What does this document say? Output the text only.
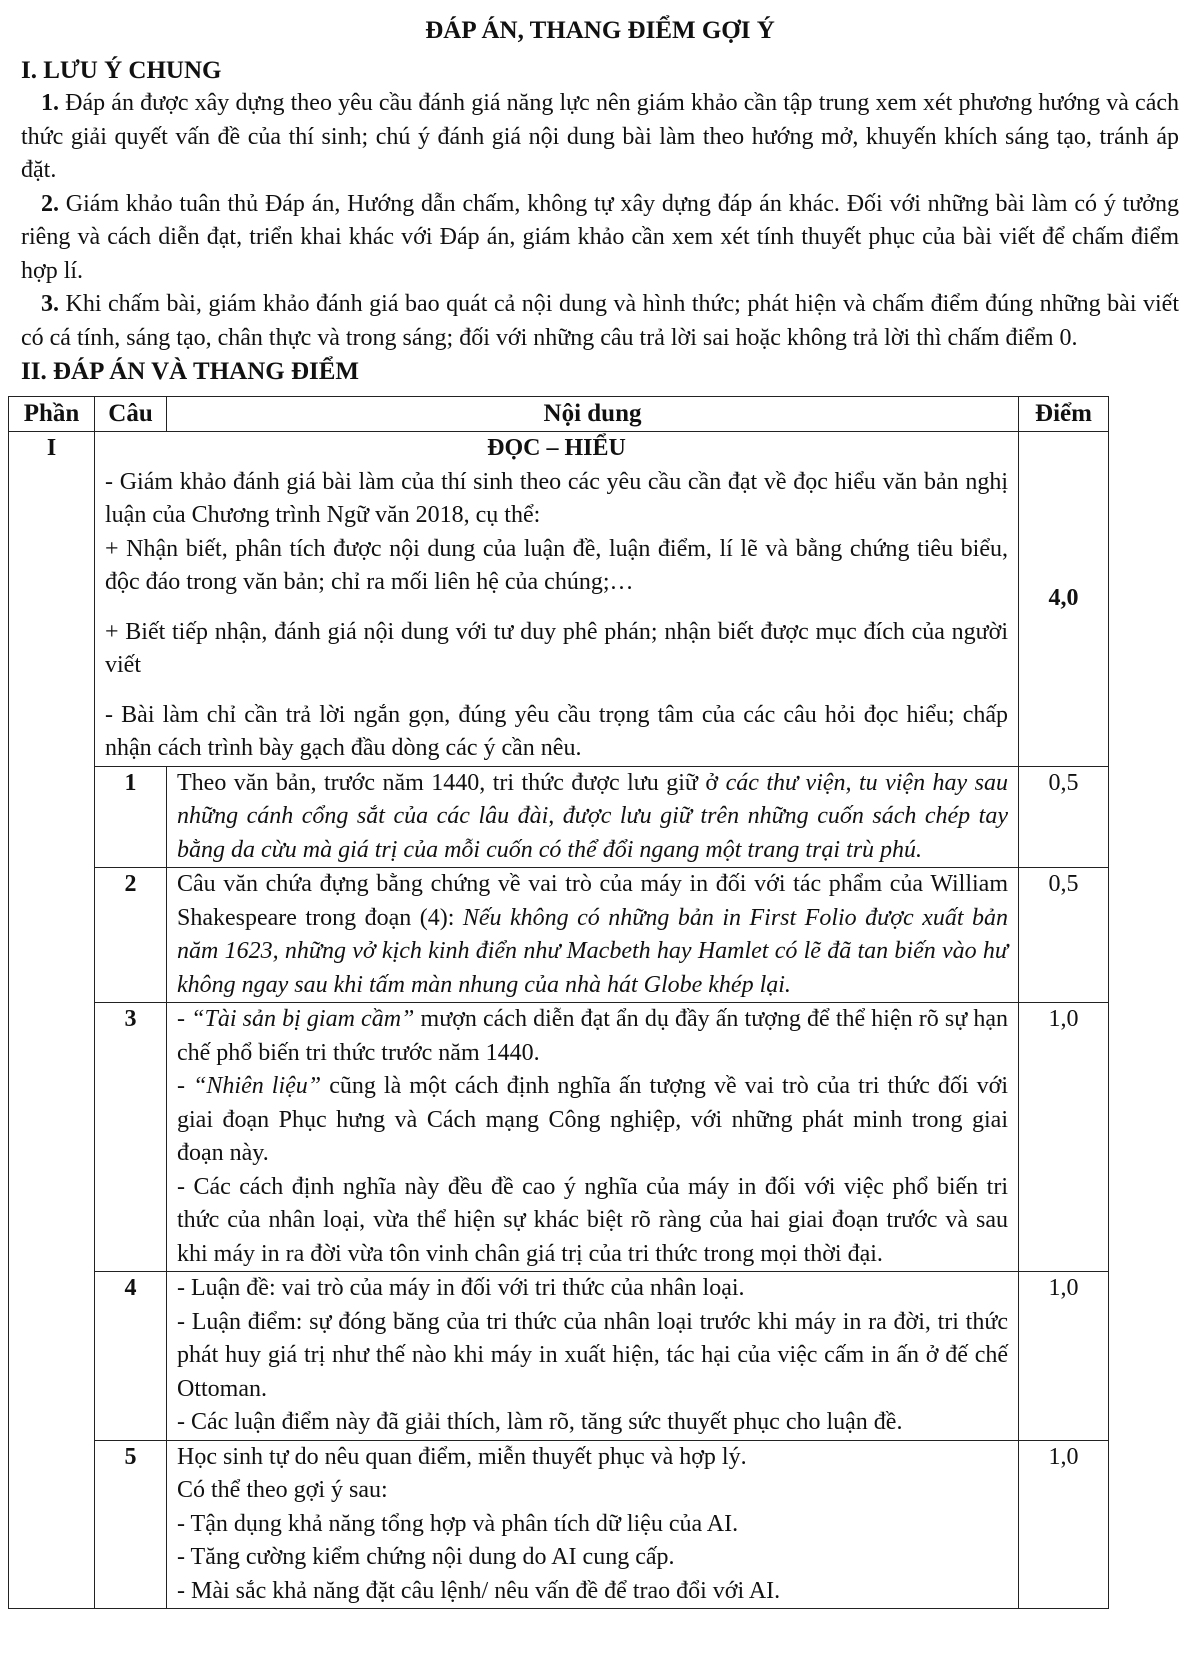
ĐÁP ÁN, THANG ĐIỂM GỢI Ý

I. LƯU Ý CHUNG

1. Đáp án được xây dựng theo yêu cầu đánh giá năng lực nên giám khảo cần tập trung xem xét phương hướng và cách thức giải quyết vấn đề của thí sinh; chú ý đánh giá nội dung bài làm theo hướng mở, khuyến khích sáng tạo, tránh áp đặt.

2. Giám khảo tuân thủ Đáp án, Hướng dẫn chấm, không tự xây dựng đáp án khác. Đối với những bài làm có ý tưởng riêng và cách diễn đạt, triển khai khác với Đáp án, giám khảo cần xem xét tính thuyết phục của bài viết để chấm điểm hợp lí.

3. Khi chấm bài, giám khảo đánh giá bao quát cả nội dung và hình thức; phát hiện và chấm điểm đúng những bài viết có cá tính, sáng tạo, chân thực và trong sáng; đối với những câu trả lời sai hoặc không trả lời thì chấm điểm 0.

II. ĐÁP ÁN VÀ THANG ĐIỂM

Phần	Câu	Nội dung	Điểm
I	ĐỌC – HIỂU

- Giám khảo đánh giá bài làm của thí sinh theo các yêu cầu cần đạt về đọc hiểu văn bản nghị luận của Chương trình Ngữ văn 2018, cụ thể:

+ Nhận biết, phân tích được nội dung của luận đề, luận điểm, lí lẽ và bằng chứng tiêu biểu, độc đáo trong văn bản; chỉ ra mối liên hệ của chúng;…

+ Biết tiếp nhận, đánh giá nội dung với tư duy phê phán; nhận biết được mục đích của người viết

- Bài làm chỉ cần trả lời ngắn gọn, đúng yêu cầu trọng tâm của các câu hỏi đọc hiểu; chấp nhận cách trình bày gạch đầu dòng các ý cần nêu.		4,0
	1	Theo văn bản, trước năm 1440, tri thức được lưu giữ ở các thư viện, tu viện hay sau những cánh cổng sắt của các lâu đài, được lưu giữ trên những cuốn sách chép tay bằng da cừu mà giá trị của mỗi cuốn có thể đổi ngang một trang trại trù phú.	0,5
	2	Câu văn chứa đựng bằng chứng về vai trò của máy in đối với tác phẩm của William Shakespeare trong đoạn (4): Nếu không có những bản in First Folio được xuất bản năm 1623, những vở kịch kinh điển như Macbeth hay Hamlet có lẽ đã tan biến vào hư không ngay sau khi tấm màn nhung của nhà hát Globe khép lại.	0,5
	3	- “Tài sản bị giam cầm” mượn cách diễn đạt ẩn dụ đầy ấn tượng để thể hiện rõ sự hạn chế phổ biến tri thức trước năm 1440.

- “Nhiên liệu” cũng là một cách định nghĩa ấn tượng về vai trò của tri thức đối với giai đoạn Phục hưng và Cách mạng Công nghiệp, với những phát minh trong giai đoạn này.

- Các cách định nghĩa này đều đề cao ý nghĩa của máy in đối với việc phổ biến tri thức của nhân loại, vừa thể hiện sự khác biệt rõ ràng của hai giai đoạn trước và sau khi máy in ra đời vừa tôn vinh chân giá trị của tri thức trong mọi thời đại.	1,0
	4	- Luận đề: vai trò của máy in đối với tri thức của nhân loại.

- Luận điểm: sự đóng băng của tri thức của nhân loại trước khi máy in ra đời, tri thức phát huy giá trị như thế nào khi máy in xuất hiện, tác hại của việc cấm in ấn ở đế chế Ottoman.

- Các luận điểm này đã giải thích, làm rõ, tăng sức thuyết phục cho luận đề.	1,0
	5	Học sinh tự do nêu quan điểm, miễn thuyết phục và hợp lý.

Có thể theo gợi ý sau:

- Tận dụng khả năng tổng hợp và phân tích dữ liệu của AI.

- Tăng cường kiểm chứng nội dung do AI cung cấp.

- Mài sắc khả năng đặt câu lệnh/ nêu vấn đề để trao đổi với AI.	1,0
